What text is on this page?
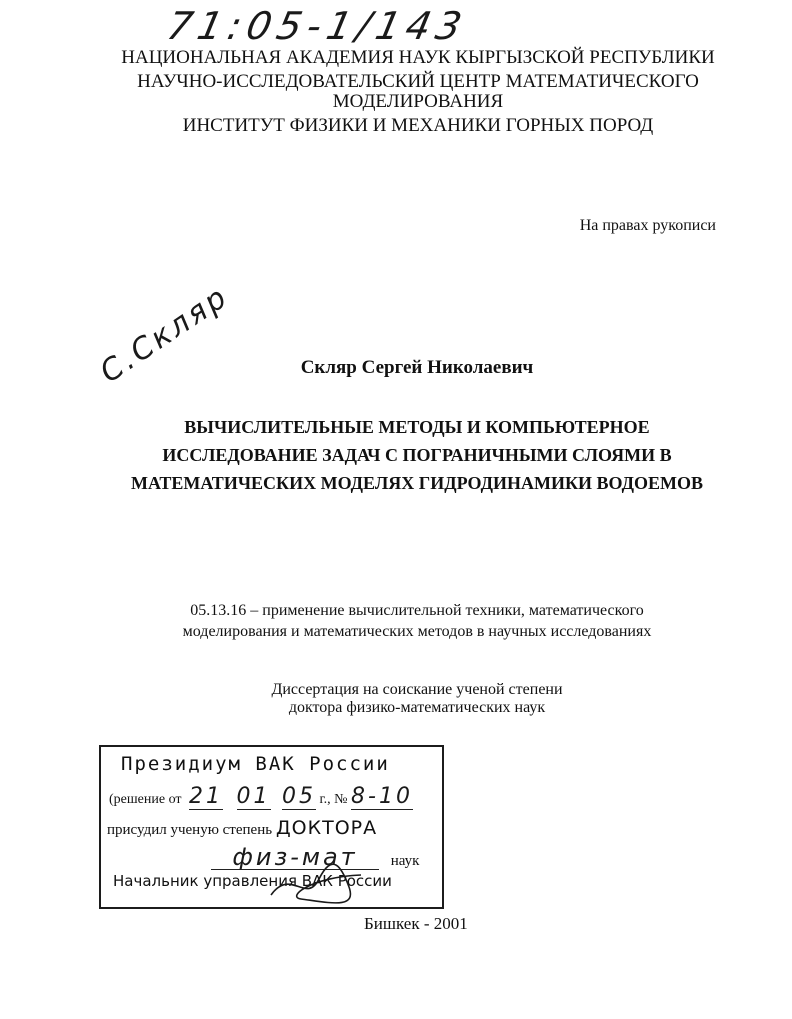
71:05-1/143
НАЦИОНАЛЬНАЯ АКАДЕМИЯ НАУК КЫРГЫЗСКОЙ РЕСПУБЛИКИ
НАУЧНО-ИССЛЕДОВАТЕЛЬСКИЙ ЦЕНТР МАТЕМАТИЧЕСКОГО
МОДЕЛИРОВАНИЯ
ИНСТИТУТ ФИЗИКИ И МЕХАНИКИ ГОРНЫХ ПОРОД
На правах рукописи
С.Скляр	Скляр Сергей Николаевич
ВЫЧИСЛИТЕЛЬНЫЕ МЕТОДЫ И КОМПЬЮТЕРНОЕ
ИССЛЕДОВАНИЕ ЗАДАЧ С ПОГРАНИЧНЫМИ СЛОЯМИ В
МАТЕМАТИЧЕСКИХ МОДЕЛЯХ ГИДРОДИНАМИКИ ВОДОЕМОВ
05.13.16 – применение вычислительной техники, математического
моделирования и математических методов в научных исследованиях
Диссертация на соискание ученой степени
доктора физико-математических наук
Президиум ВАК России
(решение от 21 01 05 г., № 8-10
присудил ученую степень ДОКТОРА
физ-мат наук
Начальник управления ВАК России
Бишкек - 2001
